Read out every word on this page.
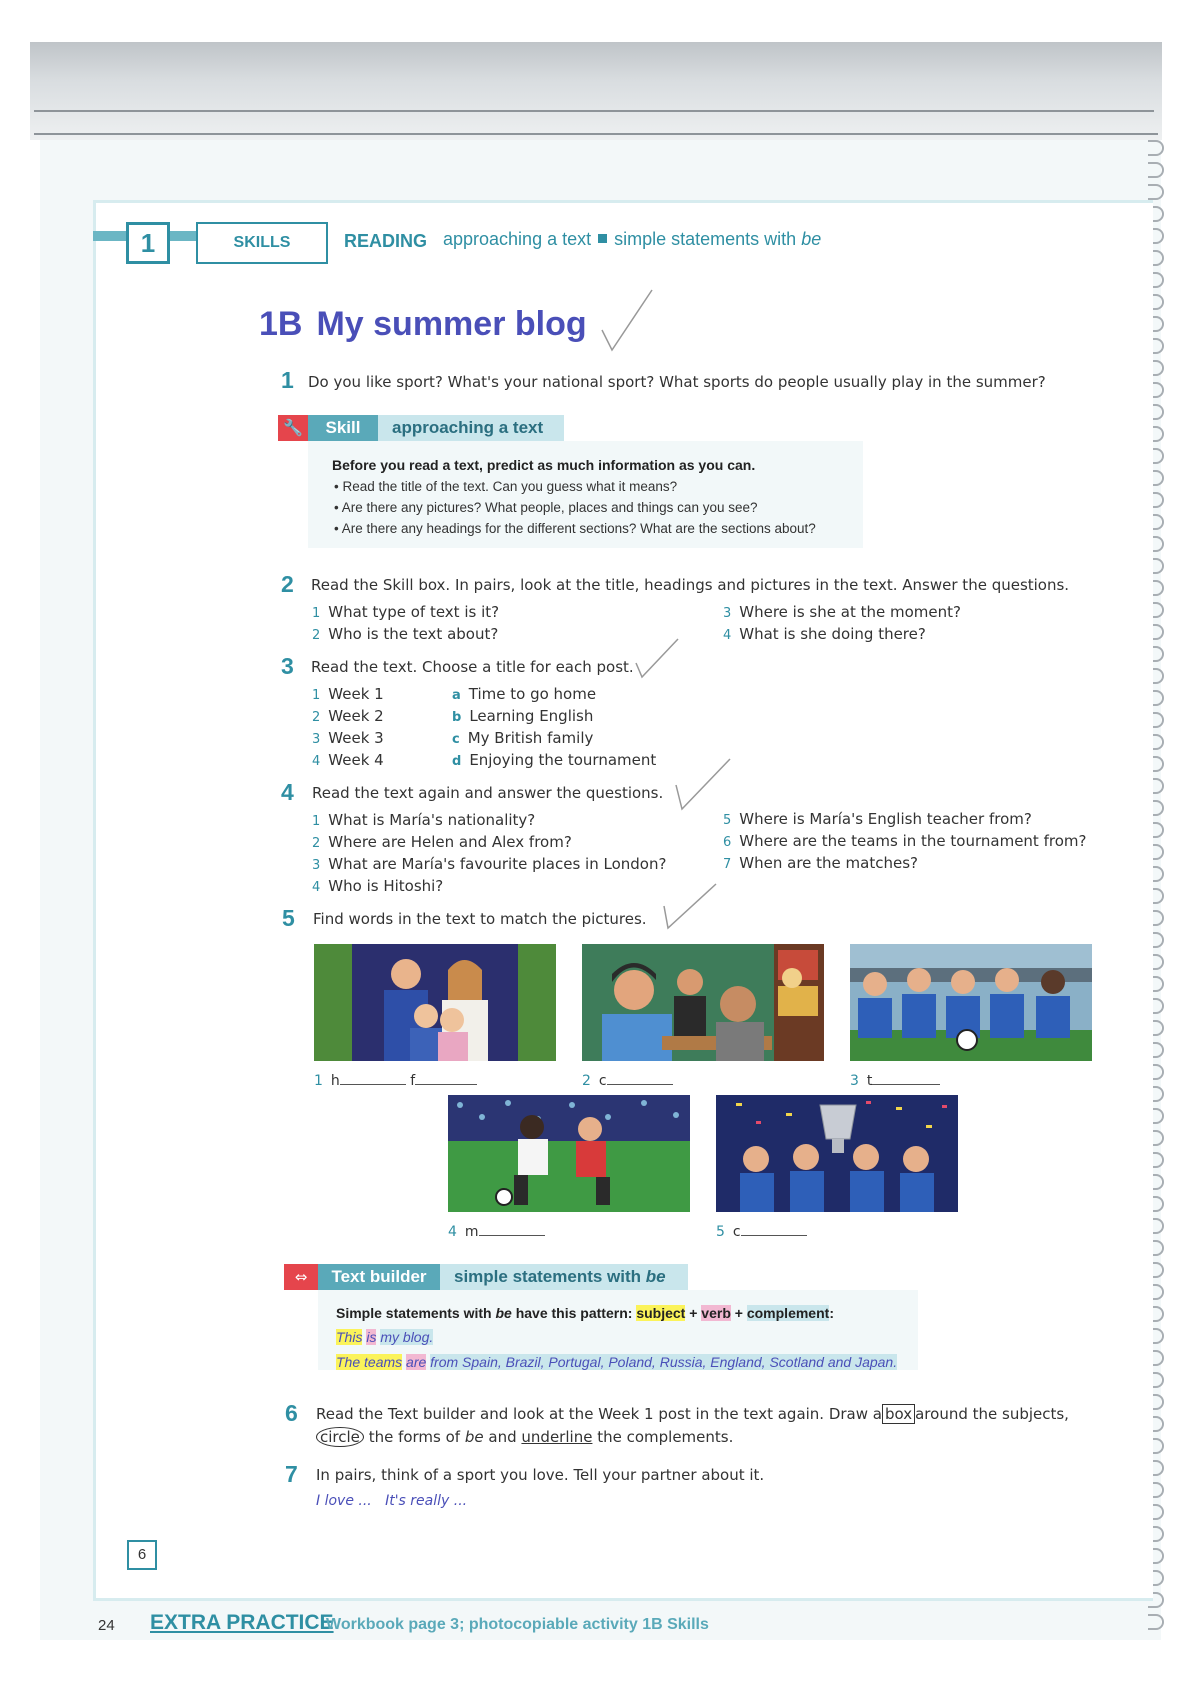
1	SKILLS	READING approaching a text simple statements with be
1B My summer blog
1 Do you like sport? What's your national sport? What sports do people usually play in the summer?
🔧	Skill	approaching a text
Before you read a text, predict as much information as you can.
• Read the title of the text. Can you guess what it means?
• Are there any pictures? What people, places and things can you see?
• Are there any headings for the different sections? What are the sections about?
2 Read the Skill box. In pairs, look at the title, headings and pictures in the text. Answer the questions.
1 What type of text is it?
2 Who is the text about?
3 Where is she at the moment?
4 What is she doing there?
3 Read the text. Choose a title for each post.
1 Week 1
2 Week 2
3 Week 3
4 Week 4
a Time to go home
b Learning English
c My British family
d Enjoying the tournament
4 Read the text again and answer the questions.
1 What is María's nationality?
2 Where are Helen and Alex from?
3 What are María's favourite places in London?
4 Who is Hitoshi?
5 Where is María's English teacher from?
6 Where are the teams in the tournament from?
7 When are the matches?
5 Find words in the text to match the pictures.
1 h	f	2 c	3 t
4 m	5 c
⇔	Text builder	simple statements with be
Simple statements with be have this pattern: subject + verb + complement:
This is my blog.
The teams are from Spain, Brazil, Portugal, Poland, Russia, England, Scotland and Japan.
6 Read the Text builder and look at the Week 1 post in the text again. Draw a box around the subjects,
circle the forms of be and underline the complements.
7 In pairs, think of a sport you love. Tell your partner about it.
I love ... It's really ...
6
24 EXTRA PRACTICE
Workbook page 3; photocopiable activity 1B Skills
